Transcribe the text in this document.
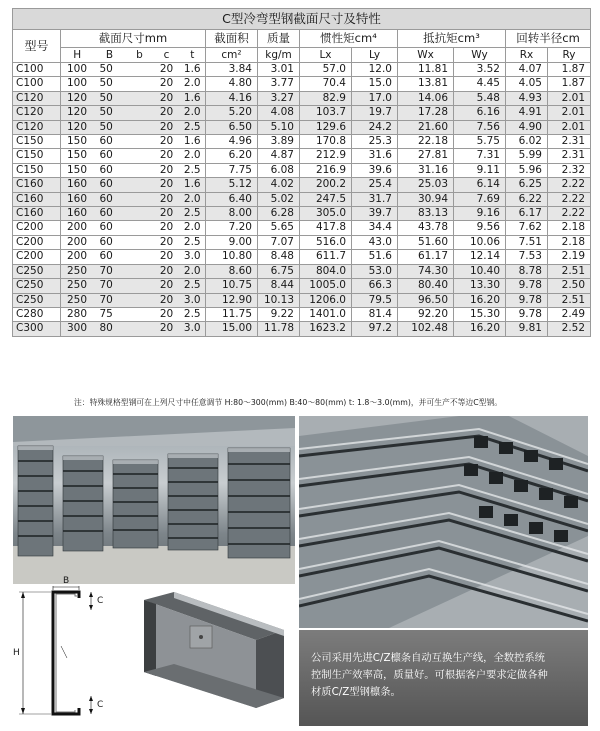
C型冷弯型钢截面尺寸及特性													
型号	截面尺寸mm					截面积	质量	惯性矩cm⁴		抵抗矩cm³		回转半径cm	
	H	B	b	c	t	cm²	kg/m	Lx	Ly	Wx	Wy	Rx	Ry
C100	100	50		20	1.6	3.84	3.01	57.0	12.0	11.81	3.52	4.07	1.87
C100	100	50		20	2.0	4.80	3.77	70.4	15.0	13.81	4.45	4.05	1.87
C120	120	50		20	1.6	4.16	3.27	82.9	17.0	14.06	5.48	4.93	2.01
C120	120	50		20	2.0	5.20	4.08	103.7	19.7	17.28	6.16	4.91	2.01
C120	120	50		20	2.5	6.50	5.10	129.6	24.2	21.60	7.56	4.90	2.01
C150	150	60		20	1.6	4.96	3.89	170.8	25.3	22.18	5.75	6.02	2.31
C150	150	60		20	2.0	6.20	4.87	212.9	31.6	27.81	7.31	5.99	2.31
C150	150	60		20	2.5	7.75	6.08	216.9	39.6	31.16	9.11	5.96	2.32
C160	160	60		20	1.6	5.12	4.02	200.2	25.4	25.03	6.14	6.25	2.22
C160	160	60		20	2.0	6.40	5.02	247.5	31.7	30.94	7.69	6.22	2.22
C160	160	60		20	2.5	8.00	6.28	305.0	39.7	83.13	9.16	6.17	2.22
C200	200	60		20	2.0	7.20	5.65	417.8	34.4	43.78	9.56	7.62	2.18
C200	200	60		20	2.5	9.00	7.07	516.0	43.0	51.60	10.06	7.51	2.18
C200	200	60		20	3.0	10.80	8.48	611.7	51.6	61.17	12.14	7.53	2.19
C250	250	70		20	2.0	8.60	6.75	804.0	53.0	74.30	10.40	8.78	2.51
C250	250	70		20	2.5	10.75	8.44	1005.0	66.3	80.40	13.30	9.78	2.50
C250	250	70		20	3.0	12.90	10.13	1206.0	79.5	96.50	16.20	9.78	2.51
C280	280	75		20	2.5	11.75	9.22	1401.0	81.4	92.20	15.30	9.78	2.49
C300	300	80		20	3.0	15.00	11.78	1623.2	97.2	102.48	16.20	9.81	2.52
注：特殊规格型钢可在上列尺寸中任意调节 H:80～300(mm) B:40～80(mm) t: 1.8～3.0(mm)，并可生产不等边C型钢。
B
H
C
C

公司采用先进C/Z檩条自动互换生产线，全数控系统

控制生产效率高，质量好。可根据客户要求定做各种

材质C/Z型钢檩条。
